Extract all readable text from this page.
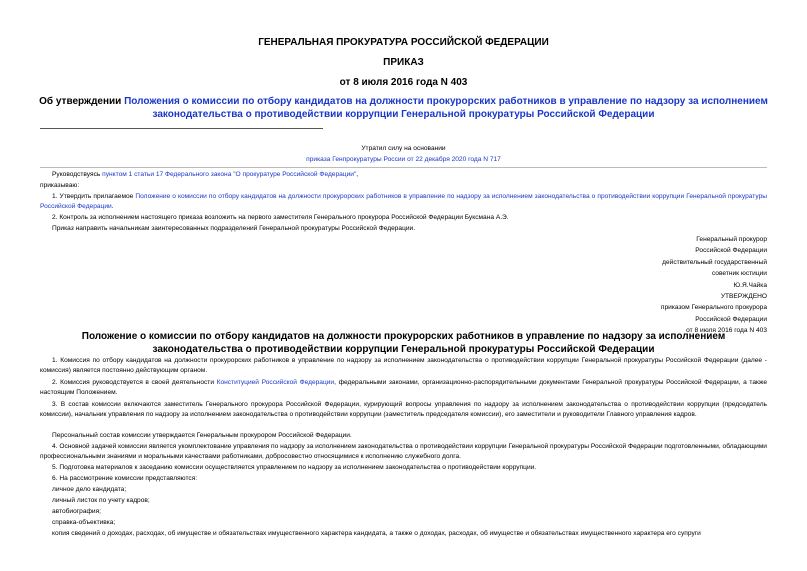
ГЕНЕРАЛЬНАЯ ПРОКУРАТУРА РОССИЙСКОЙ ФЕДЕРАЦИИ
ПРИКАЗ
от 8 июля 2016 года N 403
Об утверждении Положения о комиссии по отбору кандидатов на должности прокурорских работников в управление по надзору за исполнением законодательства о противодействии коррупции Генеральной прокуратуры Российской Федерации
Утратил силу на основании
приказа Генпрокуратуры России от 22 декабря 2020 года N 717
Руководствуясь пунктом 1 статьи 17 Федерального закона "О прокуратуре Российской Федерации",
приказываю:
1. Утвердить прилагаемое Положение о комиссии по отбору кандидатов на должности прокурорских работников в управление по надзору за исполнением законодательства о противодействии коррупции Генеральной прокуратуры Российской Федерации.
2. Контроль за исполнением настоящего приказа возложить на первого заместителя Генерального прокурора Российской Федерации Буксмана А.Э.
Приказ направить начальникам заинтересованных подразделений Генеральной прокуратуры Российской Федерации.
Генеральный прокурор
Российской Федерации
действительный государственный
советник юстиции
Ю.Я.Чайка
УТВЕРЖДЕНО
приказом Генерального прокурора
Российской Федерации
от 8 июля 2016 года N 403
Положение о комиссии по отбору кандидатов на должности прокурорских работников в управление по надзору за исполнением законодательства о противодействии коррупции Генеральной прокуратуры Российской Федерации
1. Комиссия по отбору кандидатов на должности прокурорских работников в управление по надзору за исполнением законодательства о противодействии коррупции Генеральной прокуратуры Российской Федерации (далее - комиссия) является постоянно действующим органом.
2. Комиссия руководствуется в своей деятельности Конституцией Российской Федерации, федеральными законами, организационно-распорядительными документами Генеральной прокуратуры Российской Федерации, а также настоящим Положением.
3. В состав комиссии включаются заместитель Генерального прокурора Российской Федерации, курирующий вопросы управления по надзору за исполнением законодательства о противодействии коррупции (председатель комиссии), начальник управления по надзору за исполнением законодательства о противодействии коррупции (заместитель председателя комиссии), его заместители и руководители Главного управления кадров.
Персональный состав комиссии утверждается Генеральным прокурором Российской Федерации.
4. Основной задачей комиссии является укомплектование управления по надзору за исполнением законодательства о противодействии коррупции Генеральной прокуратуры Российской Федерации подготовленными, обладающими профессиональными знаниями и моральными качествами работниками, добросовестно относящимися к исполнению служебного долга.
5. Подготовка материалов к заседанию комиссии осуществляется управлением по надзору за исполнением законодательства о противодействии коррупции.
6. На рассмотрение комиссии представляются:
личное дело кандидата;
личный листок по учету кадров;
автобиография;
справка-объективка;
копия сведений о доходах, расходах, об имуществе и обязательствах имущественного характера кандидата, а также о доходах, расходах, об имуществе и обязательствах имущественного характера его супруги
